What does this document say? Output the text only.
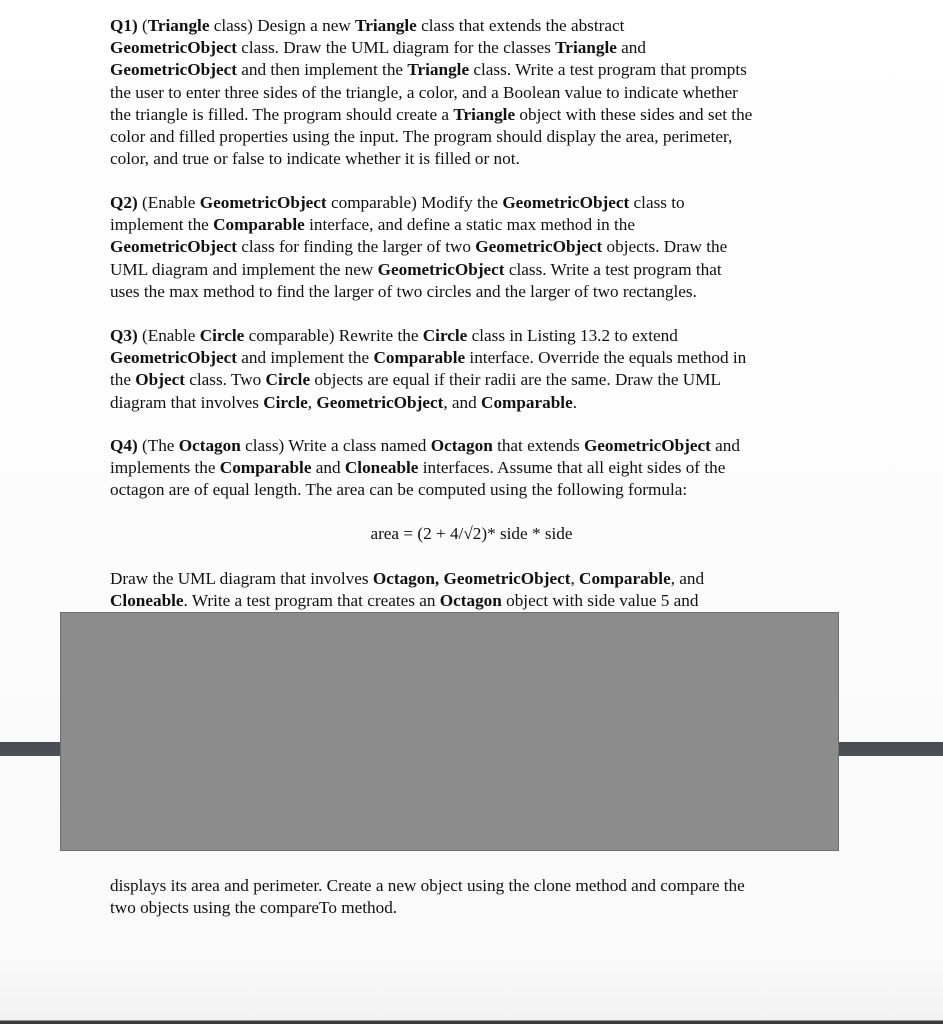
Q1) (Triangle class) Design a new Triangle class that extends the abstract
GeometricObject class. Draw the UML diagram for the classes Triangle and
GeometricObject and then implement the Triangle class. Write a test program that prompts
the user to enter three sides of the triangle, a color, and a Boolean value to indicate whether
the triangle is filled. The program should create a Triangle object with these sides and set the
color and filled properties using the input. The program should display the area, perimeter,
color, and true or false to indicate whether it is filled or not.

Q2) (Enable GeometricObject comparable) Modify the GeometricObject class to
implement the Comparable interface, and define a static max method in the
GeometricObject class for finding the larger of two GeometricObject objects. Draw the
UML diagram and implement the new GeometricObject class. Write a test program that
uses the max method to find the larger of two circles and the larger of two rectangles.

Q3) (Enable Circle comparable) Rewrite the Circle class in Listing 13.2 to extend
GeometricObject and implement the Comparable interface. Override the equals method in
the Object class. Two Circle objects are equal if their radii are the same. Draw the UML
diagram that involves Circle, GeometricObject, and Comparable.

Q4) (The Octagon class) Write a class named Octagon that extends GeometricObject and
implements the Comparable and Cloneable interfaces. Assume that all eight sides of the
octagon are of equal length. The area can be computed using the following formula:

area = (2 + 4/√2)* side * side

Draw the UML diagram that involves Octagon, GeometricObject, Comparable, and
Cloneable. Write a test program that creates an Octagon object with side value 5 and

displays its area and perimeter. Create a new object using the clone method and compare the
two objects using the compareTo method.
